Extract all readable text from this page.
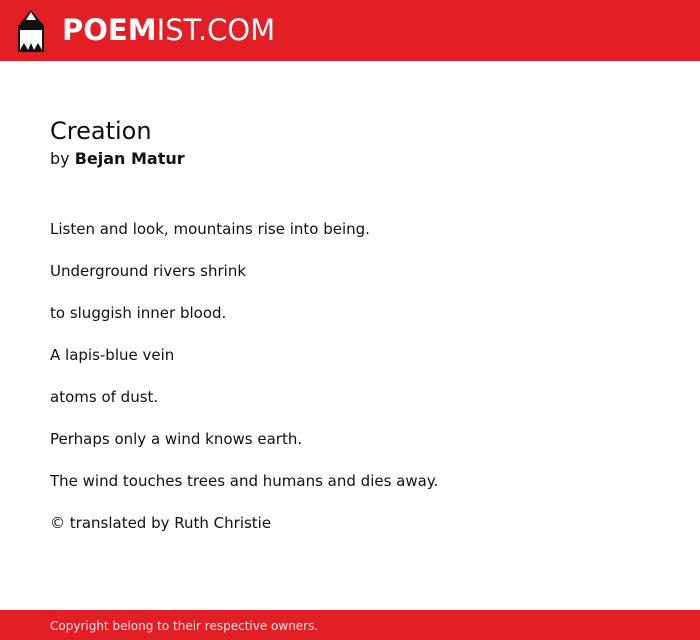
POEMIST.COM
Creation
by Bejan Matur
Listen and look, mountains rise into being.
Underground rivers shrink
to sluggish inner blood.
A lapis-blue vein
atoms of dust.
Perhaps only a wind knows earth.
The wind touches trees and humans and dies away.
© translated by Ruth Christie
Copyright belong to their respective owners.
